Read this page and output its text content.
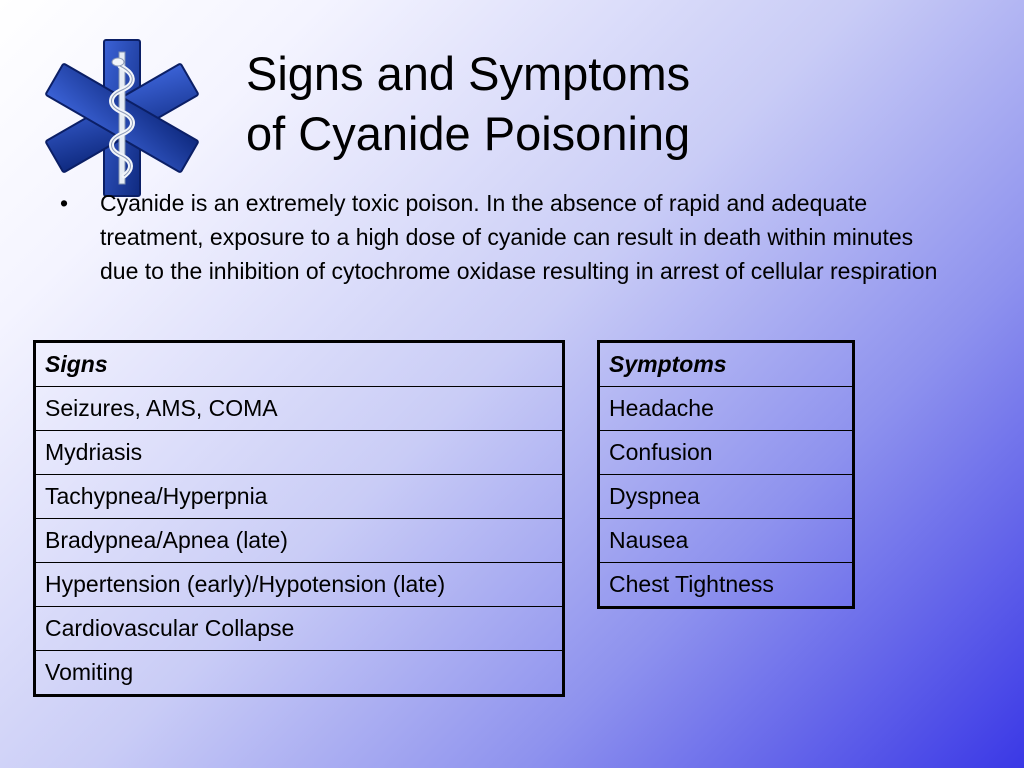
Signs and Symptoms
of Cyanide Poisoning
• Cyanide is an extremely toxic poison. In the absence of rapid and adequate treatment, exposure to a high dose of cyanide can result in death within minutes due to the inhibition of cytochrome oxidase resulting in arrest of cellular respiration
Signs
Seizures, AMS, COMA
Mydriasis
Tachypnea/Hyperpnia
Bradypnea/Apnea (late)
Hypertension (early)/Hypotension (late)
Cardiovascular Collapse
Vomiting
Symptoms
Headache
Confusion
Dyspnea
Nausea
Chest Tightness
